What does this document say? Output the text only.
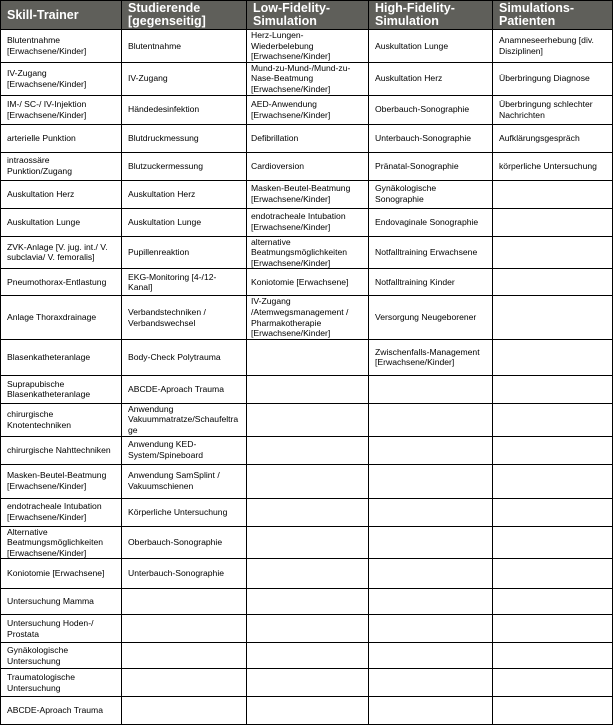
Skill-Trainer	Studierende [gegenseitig]	Low-Fidelity-Simulation	High-Fidelity-Simulation	Simulations-Patienten
Blutentnahme [Erwachsene/Kinder]	Blutentnahme	Herz-Lungen-Wiederbelebung [Erwachsene/Kinder]	Auskultation Lunge	Anamneseerhebung [div. Disziplinen]
IV-Zugang [Erwachsene/Kinder]	IV-Zugang	Mund-zu-Mund-/Mund-zu-Nase-Beatmung [Erwachsene/Kinder]	Auskultation Herz	Überbringung Diagnose
IM-/ SC-/ IV-Injektion [Erwachsene/Kinder]	Händedesinfektion	AED-Anwendung [Erwachsene/Kinder]	Oberbauch-Sonographie	Überbringung schlechter Nachrichten
arterielle Punktion	Blutdruckmessung	Defibrillation	Unterbauch-Sonographie	Aufklärungsgespräch
intraossäre Punktion/Zugang	Blutzuckermessung	Cardioversion	Pränatal-Sonographie	körperliche Untersuchung
Auskultation Herz	Auskultation Herz	Masken-Beutel-Beatmung [Erwachsene/Kinder]	Gynäkologische Sonographie	
Auskultation Lunge	Auskultation Lunge	endotracheale Intubation [Erwachsene/Kinder]	Endovaginale Sonographie	
ZVK-Anlage [V. jug. int./ V. subclavia/ V. femoralis]	Pupillenreaktion	alternative Beatmungsmöglichkeiten [Erwachsene/Kinder]	Notfalltraining Erwachsene	
Pneumothorax-Entlastung	EKG-Monitoring [4-/12-Kanal]	Koniotomie [Erwachsene]	Notfalltraining Kinder	
Anlage Thoraxdrainage	Verbandstechniken / Verbandswechsel	IV-Zugang /Atemwegsmanagement / Pharmakotherapie [Erwachsene/Kinder]	Versorgung Neugeborener	
Blasenkatheteranlage	Body-Check Polytrauma		Zwischenfalls-Management [Erwachsene/Kinder]	
Suprapubische Blasenkatheteranlage	ABCDE-Aproach Trauma			
chirurgische Knotentechniken	Anwendung Vakuummatratze/Schaufeltrage			
chirurgische Nahttechniken	Anwendung KED-System/Spineboard			
Masken-Beutel-Beatmung [Erwachsene/Kinder]	Anwendung SamSplint / Vakuumschienen			
endotracheale Intubation [Erwachsene/Kinder]	Körperliche Untersuchung			
Alternative Beatmungsmöglichkeiten [Erwachsene/Kinder]	Oberbauch-Sonographie			
Koniotomie [Erwachsene]	Unterbauch-Sonographie			
Untersuchung Mamma				
Untersuchung Hoden-/ Prostata				
Gynäkologische Untersuchung				
Traumatologische Untersuchung				
ABCDE-Aproach Trauma				
